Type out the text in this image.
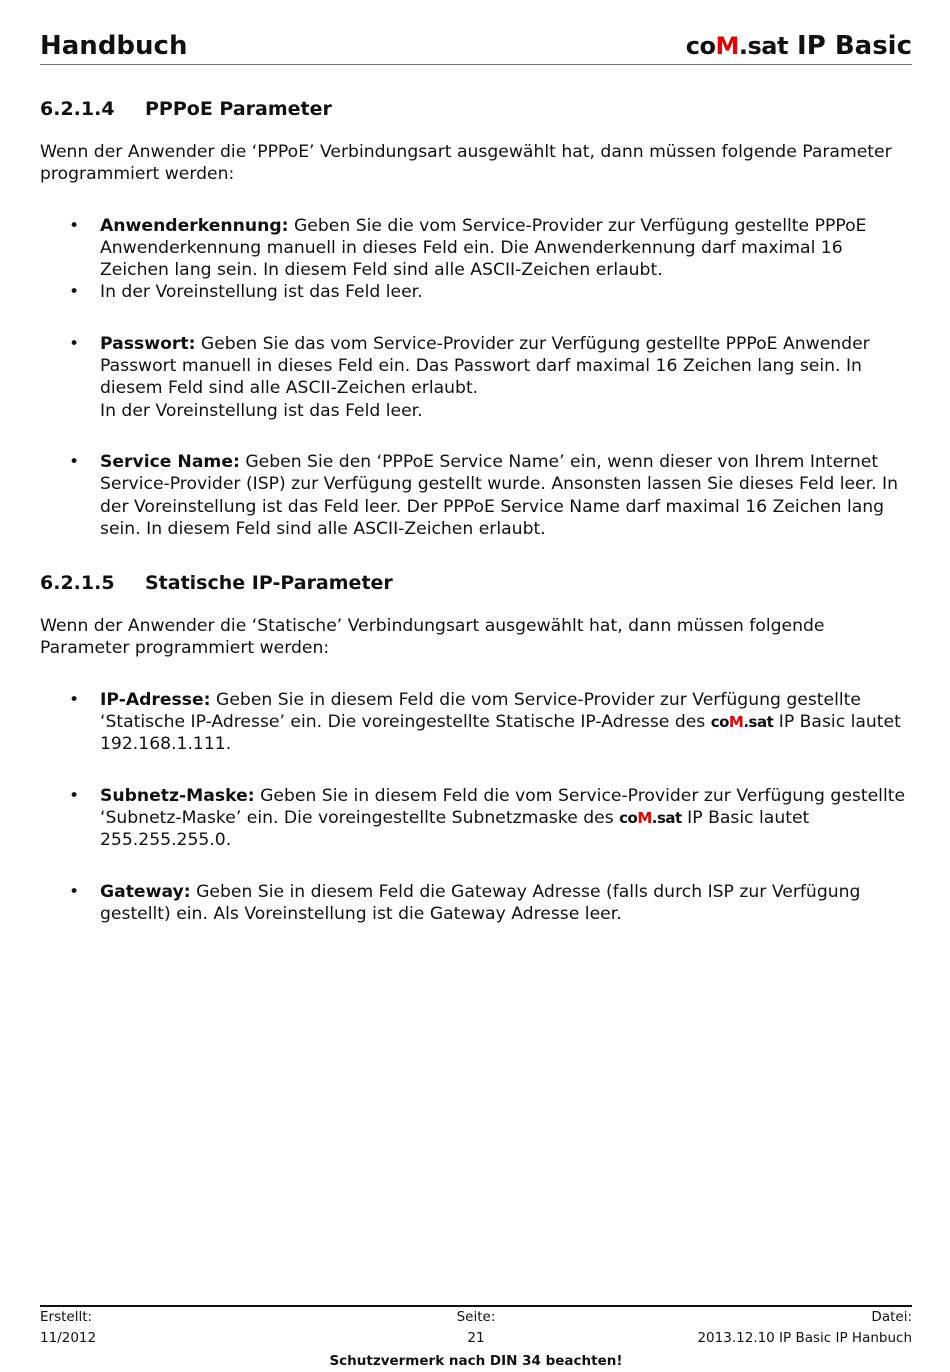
Handbuch	coM.sat IP Basic
6.2.1.4 PPPoE Parameter

Wenn der Anwender die ‘PPPoE’ Verbindungsart ausgewählt hat, dann müssen folgende Parameter programmiert werden:

• Anwenderkennung: Geben Sie die vom Service-Provider zur Verfügung gestellte PPPoE Anwenderkennung manuell in dieses Feld ein. Die Anwenderkennung darf maximal 16 Zeichen lang sein. In diesem Feld sind alle ASCII-Zeichen erlaubt.
• In der Voreinstellung ist das Feld leer.
• Passwort: Geben Sie das vom Service-Provider zur Verfügung gestellte PPPoE Anwender Passwort manuell in dieses Feld ein. Das Passwort darf maximal 16 Zeichen lang sein. In diesem Feld sind alle ASCII-Zeichen erlaubt.
In der Voreinstellung ist das Feld leer.
• Service Name: Geben Sie den ‘PPPoE Service Name’ ein, wenn dieser von Ihrem Internet Service-Provider (ISP) zur Verfügung gestellt wurde. Ansonsten lassen Sie dieses Feld leer. In der Voreinstellung ist das Feld leer. Der PPPoE Service Name darf maximal 16 Zeichen lang sein. In diesem Feld sind alle ASCII-Zeichen erlaubt.
6.2.1.5 Statische IP-Parameter

Wenn der Anwender die ‘Statische’ Verbindungsart ausgewählt hat, dann müssen folgende Parameter programmiert werden:

• IP-Adresse: Geben Sie in diesem Feld die vom Service-Provider zur Verfügung gestellte ‘Statische IP-Adresse’ ein. Die voreingestellte Statische IP-Adresse des coM.sat IP Basic lautet 192.168.1.111.
• Subnetz-Maske: Geben Sie in diesem Feld die vom Service-Provider zur Verfügung gestellte ‘Subnetz-Maske’ ein. Die voreingestellte Subnetzmaske des coM.sat IP Basic lautet 255.255.255.0.
• Gateway: Geben Sie in diesem Feld die Gateway Adresse (falls durch ISP zur Verfügung gestellt) ein. Als Voreinstellung ist die Gateway Adresse leer.
Erstellt:	Seite:	Datei:
11/2012	21	2013.12.10 IP Basic IP Hanbuch
Schutzvermerk nach DIN 34 beachten!
